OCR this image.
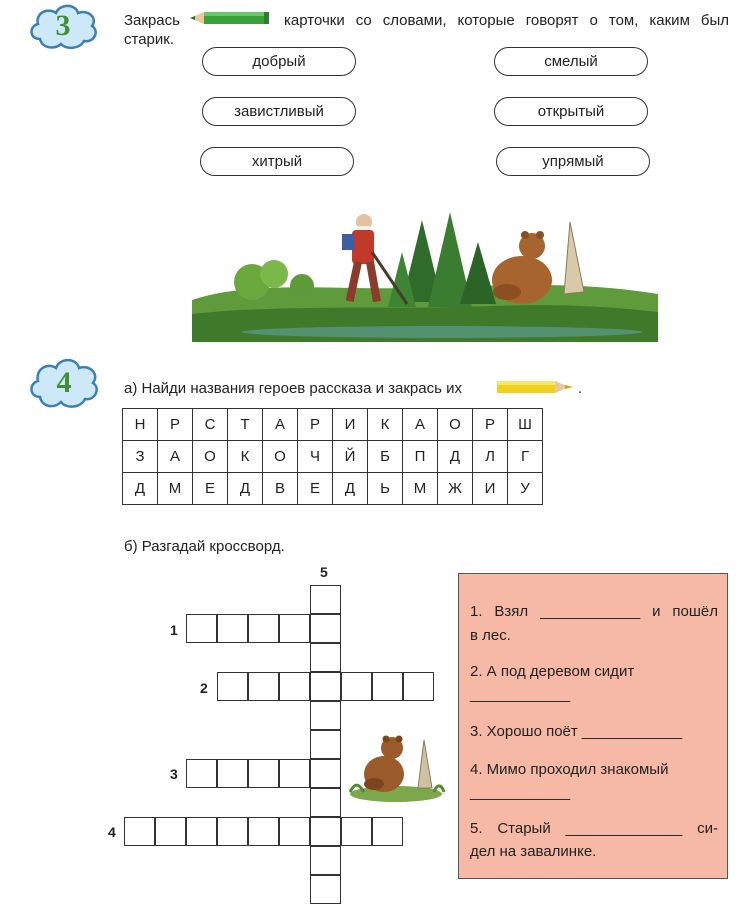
3	Закрась	карточки со словами, которые говорят о том, каким был
старик.
добрый	смелый
завистливый	открытый
хитрый	упрямый
4	а) Найди названия героев рассказа и закрась их	.
Н	Р	С	Т	А	Р	И	К	А	О	Р	Ш
З	А	О	К	О	Ч	Й	Б	П	Д	Л	Г
Д	М	Е	Д	В	Е	Д	Ь	М	Ж	И	У
б) Разгадай кроссворд.
5
1
2
3
4
1. Взял ____________ и пошёл
в лес.
2. А под деревом сидит
____________
3. Хорошо поёт ____________
4. Мимо проходил знакомый
____________
5. Старый ______________ си-
дел на завалинке.
